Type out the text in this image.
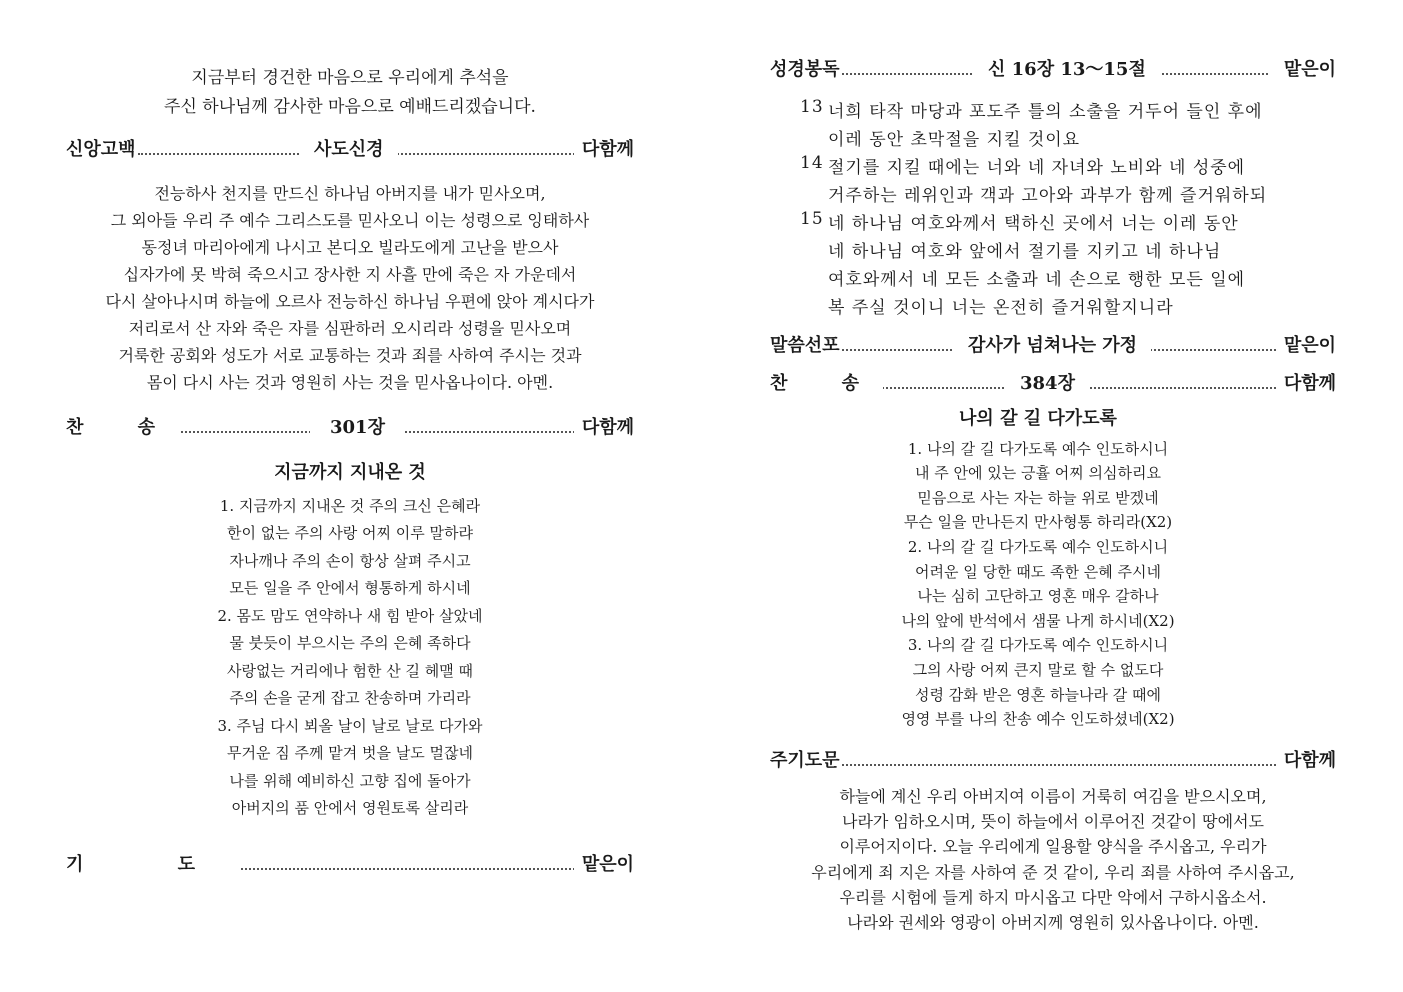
지금부터 경건한 마음으로 우리에게 추석을
주신 하나님께 감사한 마음으로 예배드리겠습니다.
신앙고백	사도신경	다함께
전능하사 천지를 만드신 하나님 아버지를 내가 믿사오며,
그 외아들 우리 주 예수 그리스도를 믿사오니 이는 성령으로 잉태하사
동정녀 마리아에게 나시고 본디오 빌라도에게 고난을 받으사
십자가에 못 박혀 죽으시고 장사한 지 사흘 만에 죽은 자 가운데서
다시 살아나시며 하늘에 오르사 전능하신 하나님 우편에 앉아 계시다가
저리로서 산 자와 죽은 자를 심판하러 오시리라 성령을 믿사오며
거룩한 공회와 성도가 서로 교통하는 것과 죄를 사하여 주시는 것과
몸이 다시 사는 것과 영원히 사는 것을 믿사옵나이다. 아멘.
찬 송	301장	다함께
지금까지 지내온 것
1. 지금까지 지내온 것 주의 크신 은혜라
한이 없는 주의 사랑 어찌 이루 말하랴
자나깨나 주의 손이 항상 살펴 주시고
모든 일을 주 안에서 형통하게 하시네
2. 몸도 맘도 연약하나 새 힘 받아 살았네
물 붓듯이 부으시는 주의 은혜 족하다
사랑없는 거리에나 험한 산 길 헤맬 때
주의 손을 굳게 잡고 찬송하며 가리라
3. 주님 다시 뵈올 날이 날로 날로 다가와
무거운 짐 주께 맡겨 벗을 날도 멀잖네
나를 위해 예비하신 고향 집에 돌아가
아버지의 품 안에서 영원토록 살리라
기 도	맡은이
성경봉독	신 16장 13～15절	맡은이
13 너희 타작 마당과 포도주 틀의 소출을 거두어 들인 후에
이레 동안 초막절을 지킬 것이요
14 절기를 지킬 때에는 너와 네 자녀와 노비와 네 성중에
거주하는 레위인과 객과 고아와 과부가 함께 즐거워하되
15 네 하나님 여호와께서 택하신 곳에서 너는 이레 동안
네 하나님 여호와 앞에서 절기를 지키고 네 하나님
여호와께서 네 모든 소출과 네 손으로 행한 모든 일에
복 주실 것이니 너는 온전히 즐거워할지니라
말씀선포	감사가 넘쳐나는 가정	맡은이
찬 송	384장	다함께
나의 갈 길 다가도록
1. 나의 갈 길 다가도록 예수 인도하시니
내 주 안에 있는 긍휼 어찌 의심하리요
믿음으로 사는 자는 하늘 위로 받겠네
무슨 일을 만나든지 만사형통 하리라(X2)
2. 나의 갈 길 다가도록 예수 인도하시니
어려운 일 당한 때도 족한 은혜 주시네
나는 심히 고단하고 영혼 매우 갈하나
나의 앞에 반석에서 샘물 나게 하시네(X2)
3. 나의 갈 길 다가도록 예수 인도하시니
그의 사랑 어찌 큰지 말로 할 수 없도다
성령 감화 받은 영혼 하늘나라 갈 때에
영영 부를 나의 찬송 예수 인도하셨네(X2)
주기도문	다함께
하늘에 계신 우리 아버지여 이름이 거룩히 여김을 받으시오며,
나라가 임하오시며, 뜻이 하늘에서 이루어진 것같이 땅에서도
이루어지이다. 오늘 우리에게 일용할 양식을 주시옵고, 우리가
우리에게 죄 지은 자를 사하여 준 것 같이, 우리 죄를 사하여 주시옵고,
우리를 시험에 들게 하지 마시옵고 다만 악에서 구하시옵소서.
나라와 권세와 영광이 아버지께 영원히 있사옵나이다. 아멘.
